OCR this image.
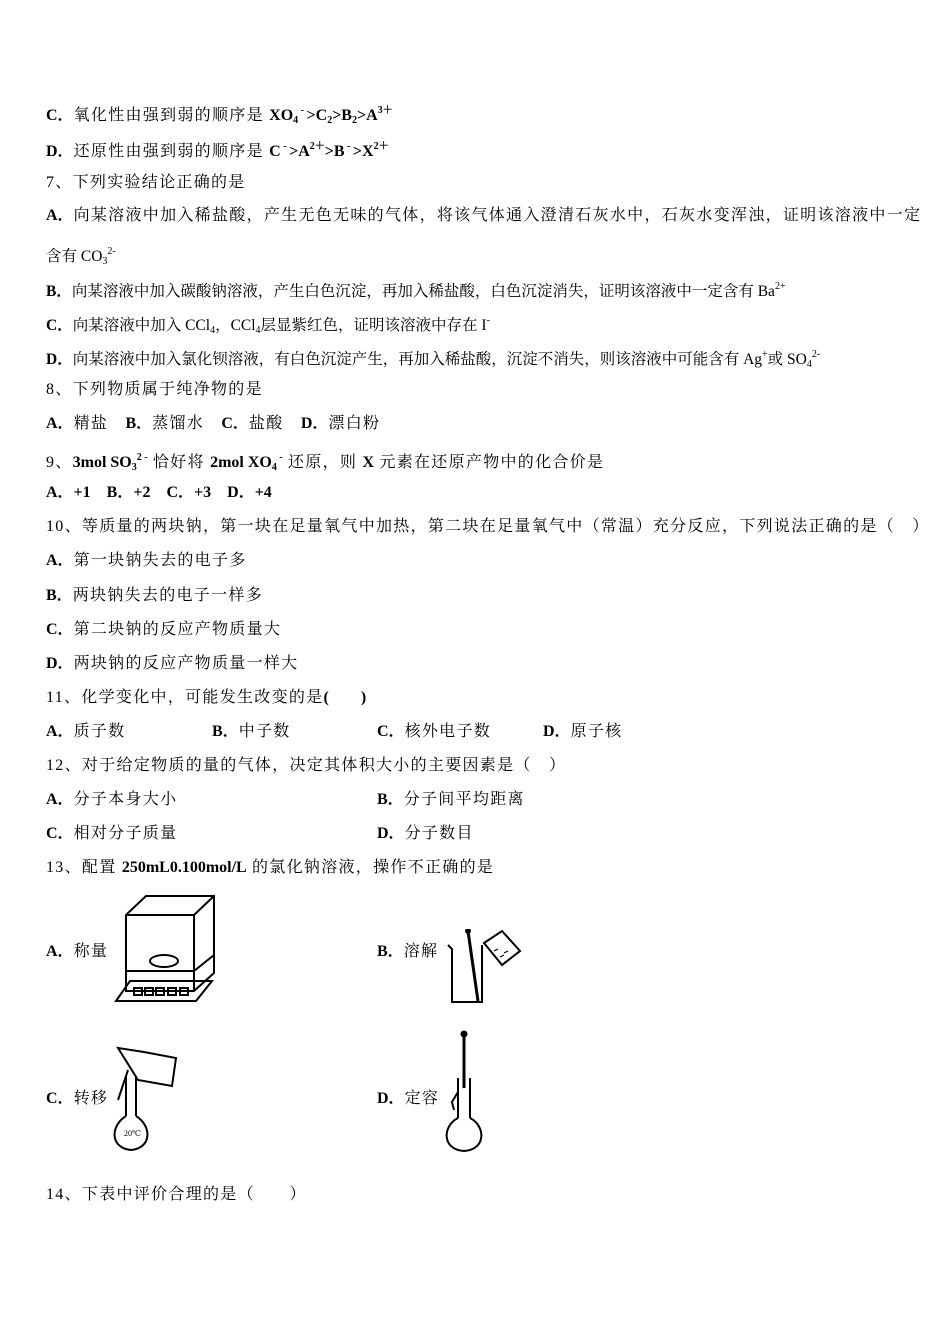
C．氧化性由强到弱的顺序是 XO4 $^- >C2>B2>A^{3+}$
D．还原性由强到弱的顺序是 C $^- >A^{2+}>B$ $^- >X^{2+}$
7、下列实验结论正确的是
A．向某溶液中加入稀盐酸，产生无色无味的气体，将该气体通入澄清石灰水中，石灰水变浑浊，证明该溶液中一定
含有 $CO_3^{2-}$
B．向某溶液中加入碳酸钠溶液，产生白色沉淀，再加入稀盐酸，白色沉淀消失，证明该溶液中一定含有 $Ba^{2+}$
C．向某溶液中加入 CCl$_4$，CCl$_4$层显紫红色，证明该溶液中存在 I-
D．向某溶液中加入氯化钡溶液，有白色沉淀产生，再加入稀盐酸，沉淀不消失，则该溶液中可能含有 Ag+或 $SO_4^{2-}$
8、下列物质属于纯净物的是
A．精盐　B．蒸馏水　C．盐酸　D．漂白粉
9、3mol $SO3^{2 -}$ 恰好将 2mol XO4 - 还原，则 X 元素在还原产物中的化合价是
A．+1　B．+2　C．+3　D．+4
10、等质量的两块钠，第一块在足量氧气中加热，第二块在足量氧气中（常温）充分反应，下列说法正确的是（　）
A．第一块钠失去的电子多
B．两块钠失去的电子一样多
C．第二块钠的反应产物质量大
D．两块钠的反应产物质量一样大
11、化学变化中，可能发生改变的是(　　)
A．质子数	B．中子数	C．核外电子数	D．原子核
12、对于给定物质的量的气体，决定其体积大小的主要因素是（　）
A．分子本身大小	B．分子间平均距离
C．相对分子质量	D．分子数目
13、配置 250mL0.100mol/L 的氯化钠溶液，操作不正确的是
A．称量	B．溶解
C．转移	D．定容
14、下表中评价合理的是（　　）
20℃
